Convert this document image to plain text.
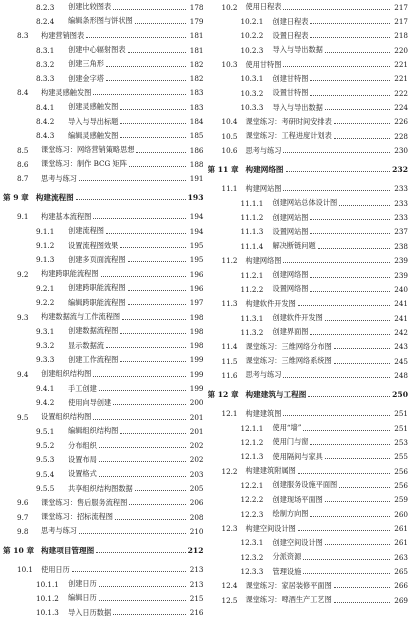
8.2.3	创建比较图表	178
8.2.4	编辑条形图与饼状图	179
8.3	构建营销图表	181
8.3.1	创建中心辐射图表	181
8.3.2	创建三角形	182
8.3.3	创建金字塔	182
8.4	构建灵感触发图	183
8.4.1	创建灵感触发图	183
8.4.2	导入与导出标题	184
8.4.3	编辑灵感触发图	185
8.5	课堂练习：网络营销策略思想	186
8.6	课堂练习：制作 BCG 矩阵	188
8.7	思考与练习	191
第 9 章 构建流程图	193
9.1	构建基本流程图	194
9.1.1	创建流程图	194
9.1.2	设置流程图效果	195
9.1.3	创建多页面流程图	195
9.2	构建跨职能流程图	196
9.2.1	创建跨职能流程图	196
9.2.2	编辑跨职能流程图	197
9.3	构建数据流与工作流程图	198
9.3.1	创建数据流程图	198
9.3.2	显示数据流	198
9.3.3	创建工作流程图	199
9.4	创建组织结构图	199
9.4.1	手工创建	199
9.4.2	使用向导创建	200
9.5	设置组织结构图	201
9.5.1	编辑组织结构图	201
9.5.2	分布组织	202
9.5.3	设置布局	202
9.5.4	设置格式	203
9.5.5	共享组织结构图数据	205
9.6	课堂练习：售后服务流程图	206
9.7	课堂练习：招标流程图	208
9.8	思考与练习	210
第 10 章 构建项目管理图	212
10.1 使用日历	213
10.1.1	创建日历	213
10.1.2	编辑日历	215
10.1.3	导入日历数据	216
10.2 使用日程表	217
10.2.1	创建日程表	217
10.2.2	设置日程表	218
10.2.3	导入与导出数据	220
10.3 使用甘特图	221
10.3.1	创建甘特图	221
10.3.2	设置甘特图	222
10.3.3	导入与导出数据	224
10.4 课堂练习：考研时间安排表	226
10.5 课堂练习：工程进度计划表	228
10.6 思考与练习	230
第 11 章 构建网络图	232
11.1 构建网站图	233
11.1.1	创建网站总体设计图	233
11.1.2	创建网站图	233
11.1.3	设置网站图	237
11.1.4	解决断链问题	238
11.2 构建网络图	239
11.2.1	创建网络图	239
11.2.2	设置网络图	240
11.3 构建软件开发图	241
11.3.1	创建软件开发图	241
11.3.2	创建界面图	242
11.4 课堂练习：三维网络分布图	243
11.5 课堂练习：三维网络系统图	245
11.6 思考与练习	248
第 12 章 构建建筑与工程图	250
12.1 构建建筑图	251
12.1.1	使用“墙”	251
12.1.2	使用门与窗	253
12.1.3	使用隔间与家具	255
12.2 构建建筑附属图	256
12.2.1	创建服务设施平面图	256
12.2.2	创建现场平面图	259
12.2.3	绘制方向图	260
12.3 构建空间设计图	261
12.3.1	创建空间设计图	261
12.3.2	分派资源	263
12.3.3	管理设施	265
12.4 课堂练习：家居装修平面图	266
12.5 课堂练习：啤酒生产工艺图	269
